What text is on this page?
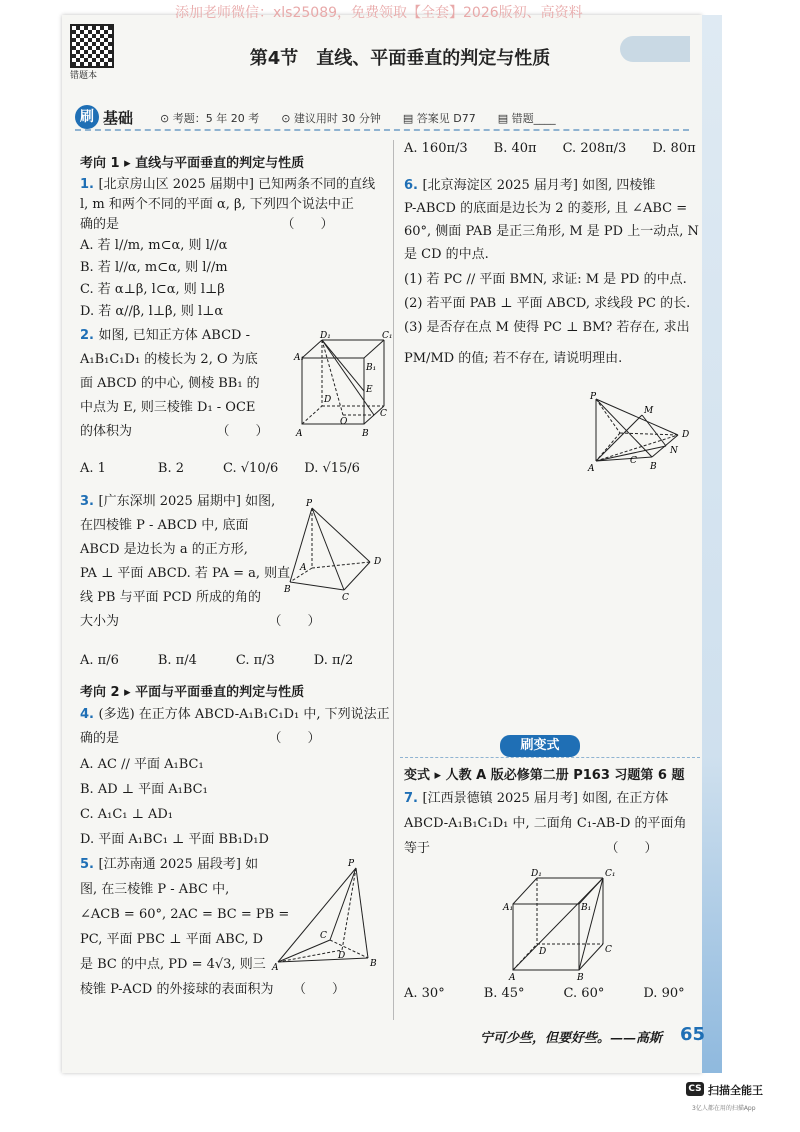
添加老师微信：xls25089，免费领取【全套】2026版初、高资料
错题本
第4节　直线、平面垂直的判定与性质
刷 基础 ⊙ 考题：5 年 20 考　　⊙ 建议用时 30 分钟　　▤ 答案见 D77　　▤ 错题____
刷变式
D₁	C₁
A₁
B₁
E
D
C
O
A	B
P
D
A
C
B
P
M
D
A
N
B
C
P
C
D
A	B
D₁	C₁
A₁	B₁
D	C
A	B
宁可少些，但要好些。——高斯 65
CS 扫描全能王
3亿人都在用的扫描App
考向 1 ▸ 直线与平面垂直的判定与性质
1. [北京房山区 2025 届期中] 已知两条不同的直线
l, m 和两个不同的平面 α, β, 下列四个说法中正
确的是　　　　　　　　　　　　　（　　）
A. 若 l//m, m⊂α, 则 l//α
B. 若 l//α, m⊂α, 则 l//m
C. 若 α⊥β, l⊂α, 则 l⊥β
D. 若 α//β, l⊥β, 则 l⊥α
2. 如图, 已知正方体 ABCD -
A₁B₁C₁D₁ 的棱长为 2, O 为底
面 ABCD 的中心, 侧棱 BB₁ 的
中点为 E, 则三棱锥 D₁ - OCE
的体积为　　　　　　　（　　）
A. 1　　　　B. 2　　　C. √10/6　　D. √15/6
3. [广东深圳 2025 届期中] 如图,
在四棱锥 P - ABCD 中, 底面
ABCD 是边长为 a 的正方形,
PA ⊥ 平面 ABCD. 若 PA = a, 则直
线 PB 与平面 PCD 所成的角的
大小为　　　　　　　　　　　　（　　）
A. π/6　　　B. π/4　　　C. π/3　　　D. π/2
考向 2 ▸ 平面与平面垂直的判定与性质
4. (多选) 在正方体 ABCD-A₁B₁C₁D₁ 中, 下列说法正
确的是　　　　　　　　　　　　（　　）
A. AC // 平面 A₁BC₁
B. AD ⊥ 平面 A₁BC₁
C. A₁C₁ ⊥ AD₁
D. 平面 A₁BC₁ ⊥ 平面 BB₁D₁D
5. [江苏南通 2025 届段考] 如
图, 在三棱锥 P - ABC 中,
∠ACB = 60°, 2AC = BC = PB =
PC, 平面 PBC ⊥ 平面 ABC, D
是 BC 的中点, PD = 4√3, 则三
棱锥 P-ACD 的外接球的表面积为　　（　　）
A. 160π/3　　B. 40π　　C. 208π/3　　D. 80π
6. [北京海淀区 2025 届月考] 如图, 四棱锥
P-ABCD 的底面是边长为 2 的菱形, 且 ∠ABC =
60°, 侧面 PAB 是正三角形, M 是 PD 上一动点, N
是 CD 的中点.
(1) 若 PC // 平面 BMN, 求证: M 是 PD 的中点.
(2) 若平面 PAB ⊥ 平面 ABCD, 求线段 PC 的长.
(3) 是否存在点 M 使得 PC ⊥ BM? 若存在, 求出
PM/MD 的值; 若不存在, 请说明理由.
变式 ▸ 人教 A 版必修第二册 P163 习题第 6 题
7. [江西景德镇 2025 届月考] 如图, 在正方体
ABCD-A₁B₁C₁D₁ 中, 二面角 C₁-AB-D 的平面角
等于　　　　　　　　　　　　　　（　　）
A. 30°　　　B. 45°　　　C. 60°　　　D. 90°
